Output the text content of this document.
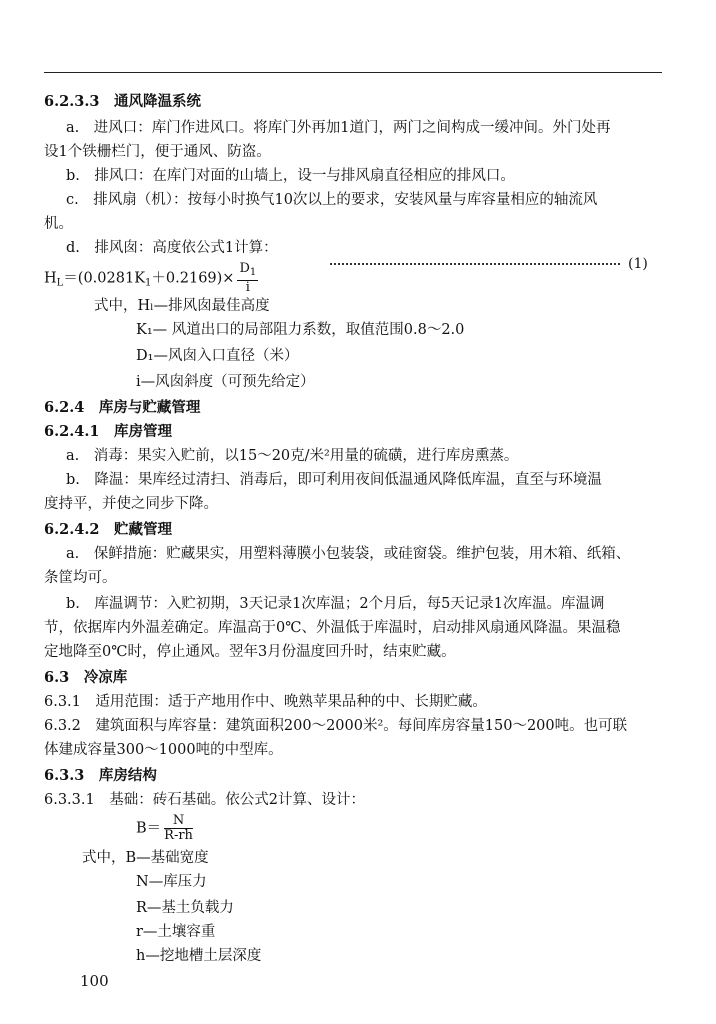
6.2.3.3　通风降温系统
a.　进风口：库门作进风口。将库门外再加1道门，两门之间构成一缓冲间。外门处再
设1个铁栅栏门，便于通风、防盗。
b.　排风口：在库门对面的山墙上，设一与排风扇直径相应的排风口。
c.　排风扇（机）：按每小时换气10次以上的要求，安装风量与库容量相应的轴流风
机。
d.　排风囱：高度依公式1计算：
$H_L=(0.0281K_1+0.2169)\times \frac{D_1}{i}$	(1)
式中，Hₗ—排风囱最佳高度
K₁— 风道出口的局部阻力系数，取值范围0.8～2.0
D₁—风囱入口直径（米）
i—风囱斜度（可预先给定）
6.2.4　库房与贮藏管理
6.2.4.1　库房管理
a.　消毒：果实入贮前，以15～20克/米²用量的硫磺，进行库房熏蒸。
b.　降温：果库经过清扫、消毒后，即可利用夜间低温通风降低库温，直至与环境温
度持平，并使之同步下降。
6.2.4.2　贮藏管理
a.　保鲜措施：贮藏果实，用塑料薄膜小包装袋，或硅窗袋。维护包装，用木箱、纸箱、
条筐均可。
b.　库温调节：入贮初期，3天记录1次库温；2个月后，每5天记录1次库温。库温调
节，依据库内外温差确定。库温高于0℃、外温低于库温时，启动排风扇通风降温。果温稳
定地降至0℃时，停止通风。翌年3月份温度回升时，结束贮藏。
6.3　冷凉库
6.3.1　适用范围：适于产地用作中、晚熟苹果品种的中、长期贮藏。
6.3.2　建筑面积与库容量：建筑面积200～2000米²。每间库房容量150～200吨。也可联
体建成容量300～1000吨的中型库。
6.3.3　库房结构
6.3.3.1　基础：砖石基础。依公式2计算、设计：
$B= \frac{N}{R-rh}$
式中，B—基础宽度
N—库压力
R—基土负载力
r—土壤容重
h—挖地槽土层深度
100
